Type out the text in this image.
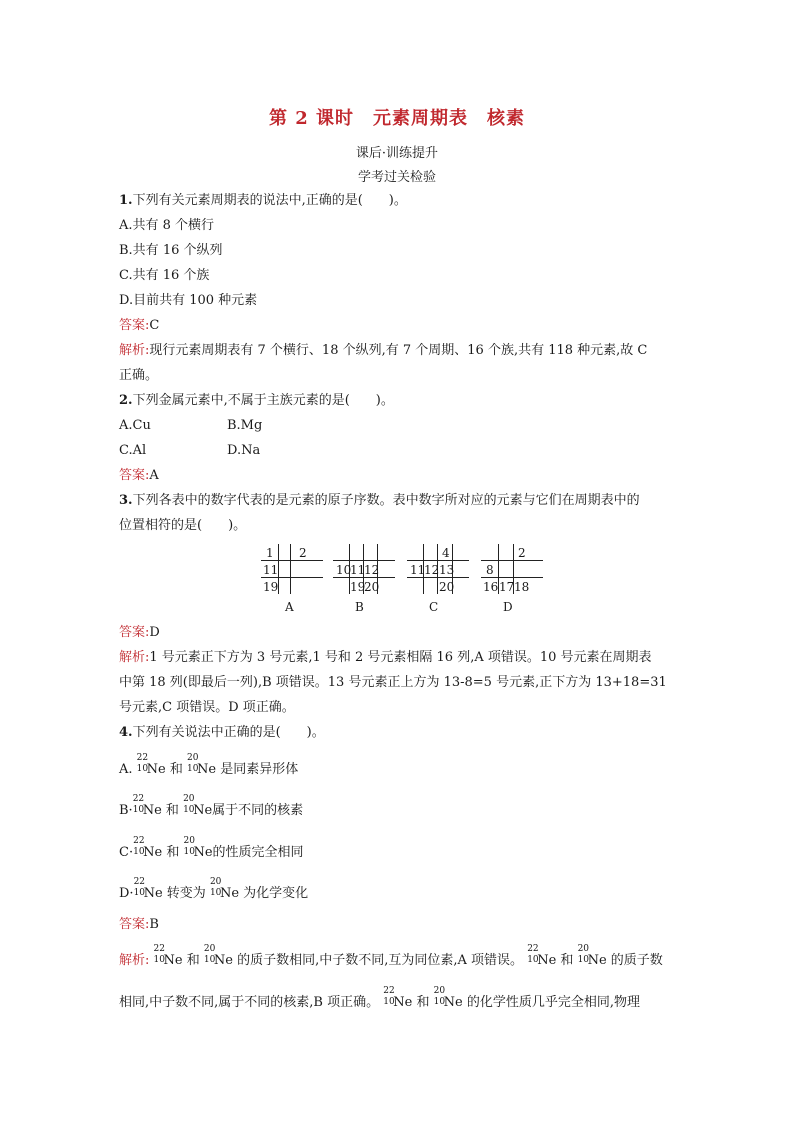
第 2 课时　元素周期表　核素
课后·训练提升
学考过关检验
1.下列有关元素周期表的说法中,正确的是(　　)。
A.共有 8 个横行
B.共有 16 个纵列
C.共有 16 个族
D.目前共有 100 种元素
答案:C
解析:现行元素周期表有 7 个横行、18 个纵列,有 7 个周期、16 个族,共有 118 种元素,故 C
正确。
2.下列金属元素中,不属于主族元素的是(　　)。
A.Cu	B.Mg
C.Al	D.Na
答案:A
3.下列各表中的数字代表的是元素的原子序数。表中数字所对应的元素与它们在周期表中的
位置相符的是(　　)。
1 2
11
19
A
10
11
12
19
20
B
4
11
12 13
20
C
2
8
16 17 18
D
答案:D
解析:1 号元素正下方为 3 号元素,1 号和 2 号元素相隔 16 列,A 项错误。10 号元素在周期表
中第 18 列(即最后一列),B 项错误。13 号元素正上方为 13-8=5 号元素,正下方为 13+18=31
号元素,C 项错误。D 项正确。
4.下列有关说法中正确的是(　　)。
A.
22
10
Ne 和
20
10
Ne 是同素异形体
B·
22
10
Ne 和
20
10
Ne属于不同的核素
C·
22
10
Ne 和
20
10
Ne的性质完全相同
D·
22
10
Ne 转变为
20
10
Ne 为化学变化
答案:B
解析:
22
10
Ne 和
20
10
Ne 的质子数相同,中子数不同,互为同位素,A 项错误。
22
10
Ne 和
20
10
Ne 的质子数
相同,中子数不同,属于不同的核素,B 项正确。
22
10
Ne 和
20
10
Ne 的化学性质几乎完全相同,物理
